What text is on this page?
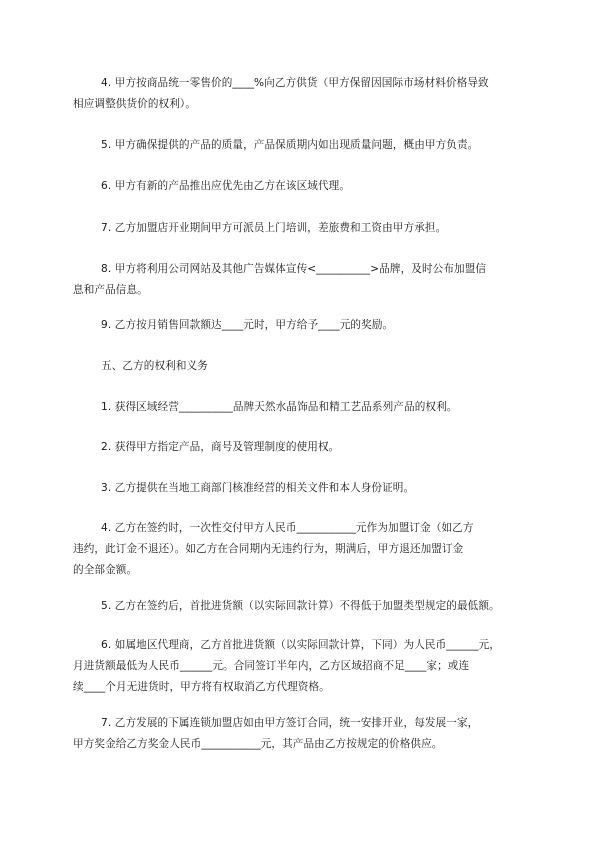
4. 甲方按商品统一零售价的____%向乙方供货（甲方保留因国际市场材料价格导致
相应调整供货价的权利）。
5. 甲方确保提供的产品的质量，产品保质期内如出现质量问题，概由甲方负责。
6. 甲方有新的产品推出应优先由乙方在该区域代理。
7. 乙方加盟店开业期间甲方可派员上门培训，差旅费和工资由甲方承担。
8. 甲方将利用公司网站及其他广告媒体宣传<__________>品牌，及时公布加盟信
息和产品信息。
9. 乙方按月销售回款额达____元时，甲方给予____元的奖励。
五、乙方的权利和义务
1. 获得区域经营__________品牌天然水晶饰品和精工艺品系列产品的权利。
2. 获得甲方指定产品，商号及管理制度的使用权。
3. 乙方提供在当地工商部门核准经营的相关文件和本人身份证明。
4. 乙方在签约时，一次性交付甲方人民币___________元作为加盟订金（如乙方
违约，此订金不退还）。如乙方在合同期内无违约行为，期满后，甲方退还加盟订金
的全部金额。
5. 乙方在签约后，首批进货额（以实际回款计算）不得低于加盟类型规定的最低额。
6. 如属地区代理商，乙方首批进货额（以实际回款计算，下同）为人民币______元，
月进货额最低为人民币______元。合同签订半年内，乙方区域招商不足____家；或连
续____个月无进货时，甲方将有权取消乙方代理资格。
7. 乙方发展的下属连锁加盟店如由甲方签订合同，统一安排开业，每发展一家，
甲方奖金给乙方奖金人民币___________元，其产品由乙方按规定的价格供应。
